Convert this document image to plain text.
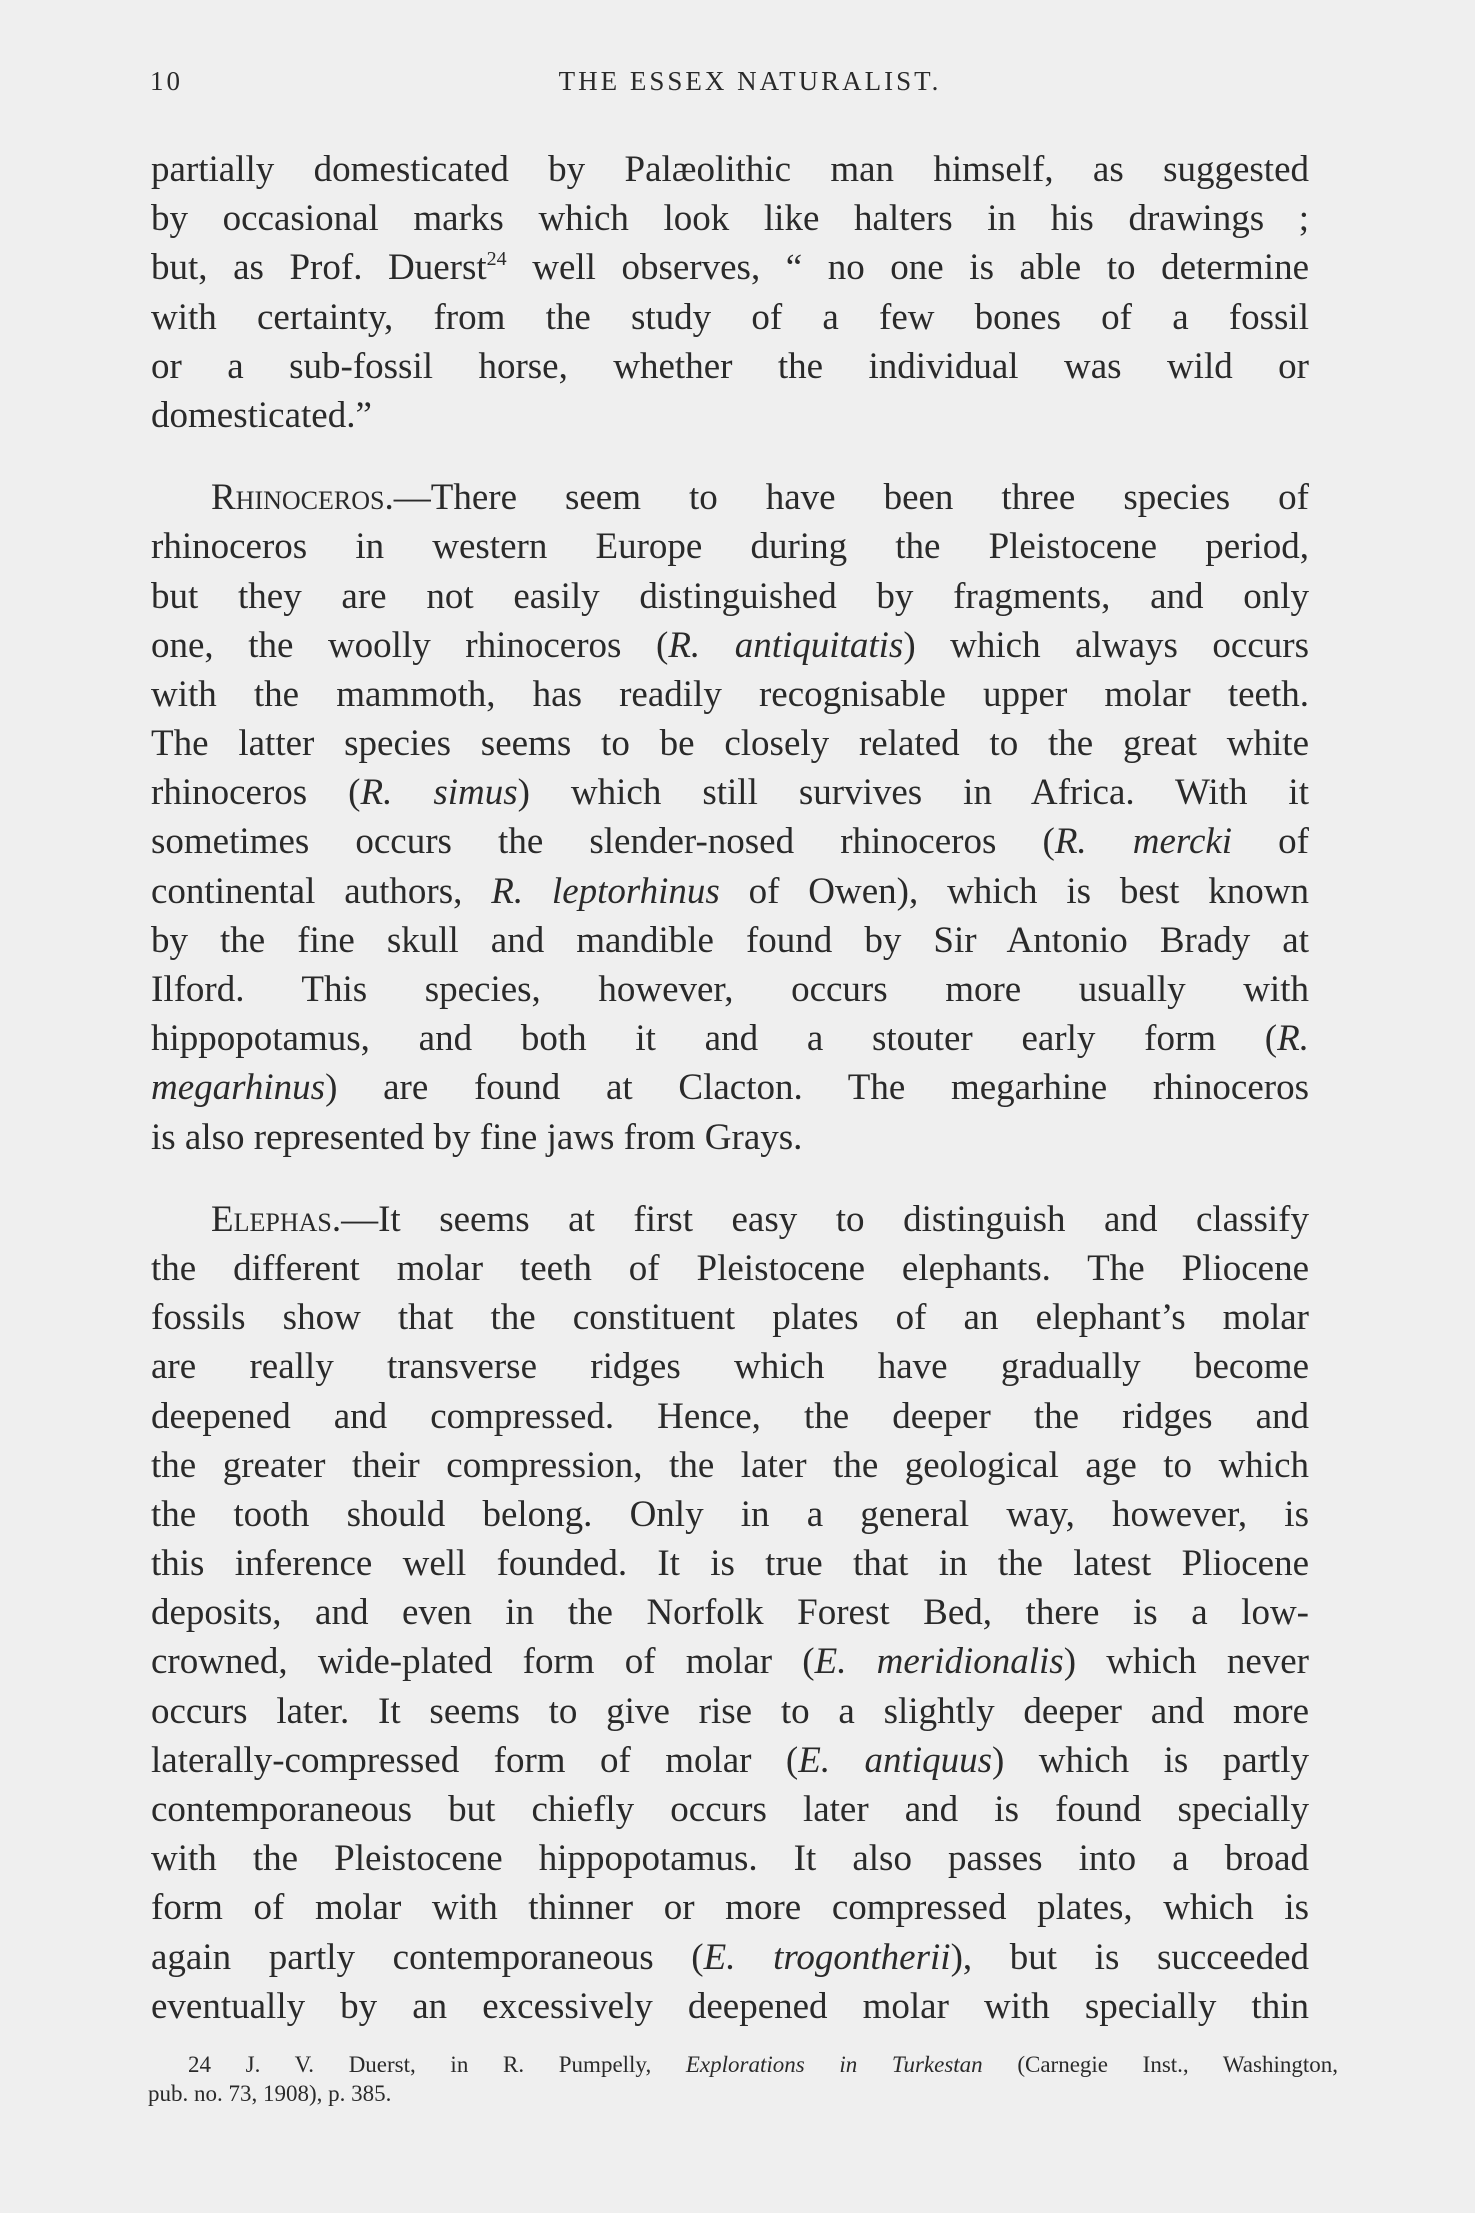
10	THE ESSEX NATURALIST.
partially domesticated by Palæolithic man himself, as suggested
by occasional marks which look like halters in his drawings ;
but, as Prof. Duerst$^{24}$ well observes, “ no one is able to determine
with certainty, from the study of a few bones of a fossil
or a sub-fossil horse, whether the individual was wild or
domesticated.”
Rhinoceros.—There seem to have been three species of
rhinoceros in western Europe during the Pleistocene period,
but they are not easily distinguished by fragments, and only
one, the woolly rhinoceros (R. antiquitatis) which always occurs
with the mammoth, has readily recognisable upper molar teeth.
The latter species seems to be closely related to the great white
rhinoceros (R. simus) which still survives in Africa. With it
sometimes occurs the slender-nosed rhinoceros (R. mercki of
continental authors, R. leptorhinus of Owen), which is best known
by the fine skull and mandible found by Sir Antonio Brady at
Ilford. This species, however, occurs more usually with
hippopotamus, and both it and a stouter early form (R.
megarhinus) are found at Clacton. The megarhine rhinoceros
is also represented by fine jaws from Grays.
Elephas.—It seems at first easy to distinguish and classify
the different molar teeth of Pleistocene elephants. The Pliocene
fossils show that the constituent plates of an elephant’s molar
are really transverse ridges which have gradually become
deepened and compressed. Hence, the deeper the ridges and
the greater their compression, the later the geological age to which
the tooth should belong. Only in a general way, however, is
this inference well founded. It is true that in the latest Pliocene
deposits, and even in the Norfolk Forest Bed, there is a low-
crowned, wide-plated form of molar (E. meridionalis) which never
occurs later. It seems to give rise to a slightly deeper and more
laterally-compressed form of molar (E. antiquus) which is partly
contemporaneous but chiefly occurs later and is found specially
with the Pleistocene hippopotamus. It also passes into a broad
form of molar with thinner or more compressed plates, which is
again partly contemporaneous (E. trogontherii), but is succeeded
eventually by an excessively deepened molar with specially thin
24 J. V. Duerst, in R. Pumpelly, Explorations in Turkestan (Carnegie Inst., Washington,
pub. no. 73, 1908), p. 385.
